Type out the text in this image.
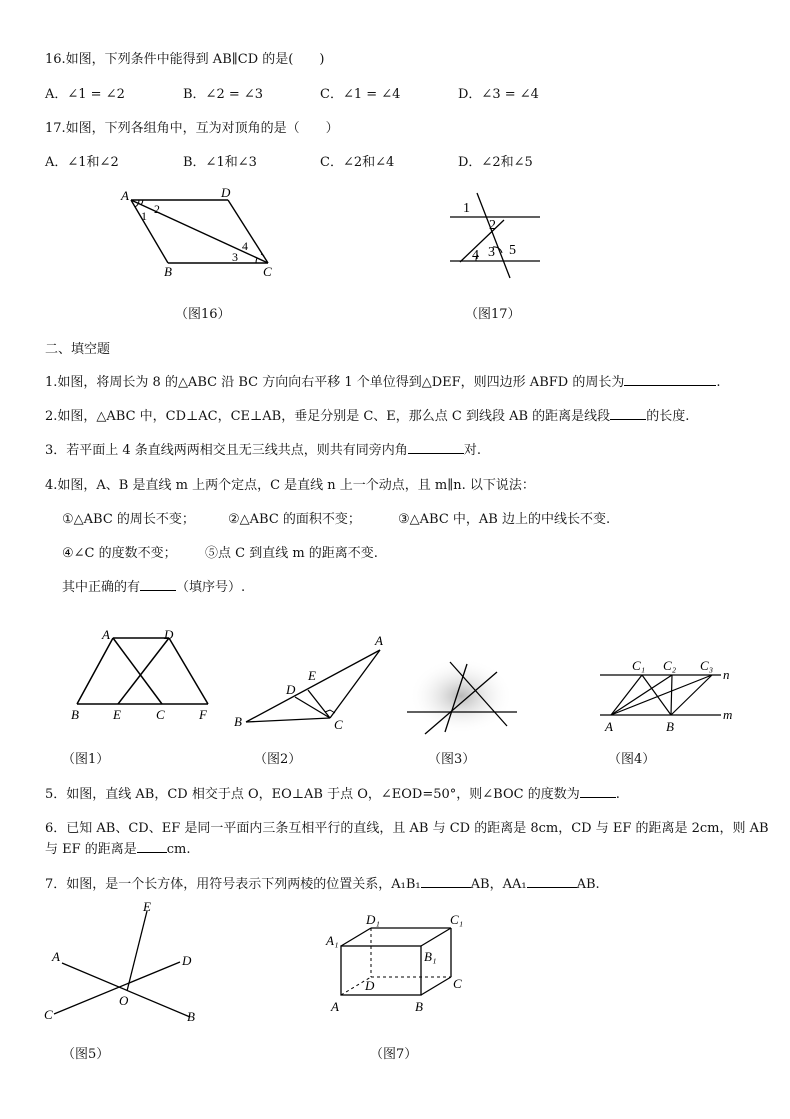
16.如图，下列条件中能得到 AB∥CD 的是(　　)
A．∠1 = ∠2	B．∠2 = ∠3	C．∠1 = ∠4	D．∠3 = ∠4
17.如图，下列各组角中，互为对顶角的是（　　）
A．∠1和∠2	B．∠1和∠3	C．∠2和∠4	D．∠2和∠5
A	D
B	C
1 2
3
4
（图16）
1
2
3
4 5
（图17）
二、填空题
1.如图，将周长为 8 的△ABC 沿 BC 方向向右平移 1 个单位得到△DEF，则四边形 ABFD 的周长为	.
2.如图，△ABC 中，CD⊥AC，CE⊥AB，垂足分别是 C、E，那么点 C 到线段 AB 的距离是线段	的长度.
3．若平面上 4 条直线两两相交且无三线共点，则共有同旁内角	对.
4.如图，A、B 是直线 m 上两个定点，C 是直线 n 上一个动点，且 m∥n. 以下说法：
①△ABC 的周长不变；	②△ABC 的面积不变；	③△ABC 中，AB 边上的中线长不变.
④∠C 的度数不变； ⑤点 C 到直线 m 的距离不变.
其中正确的有	（填序号）.
A	D
B	E	C	F
（图1）
A
E
D
B	C
（图2）	（图3）
C₁ C₂ C₃
n
m
A	B
（图4）
5．如图，直线 AB，CD 相交于点 O，EO⊥AB 于点 O，∠EOD=50°，则∠BOC 的度数为	.
6．已知 AB、CD、EF 是同一平面内三条互相平行的直线，且 AB 与 CD 的距离是 8cm，CD 与 EF 的距离是 2cm，则 AB
与 EF 的距离是 cm.
7．如图，是一个长方体，用符号表示下列两棱的位置关系，A₁B₁	AB，AA₁	AB.
E
A	D
O
C	B
（图5）
D₁	C₁
A₁
B₁
D	C
A	B
（图7）
